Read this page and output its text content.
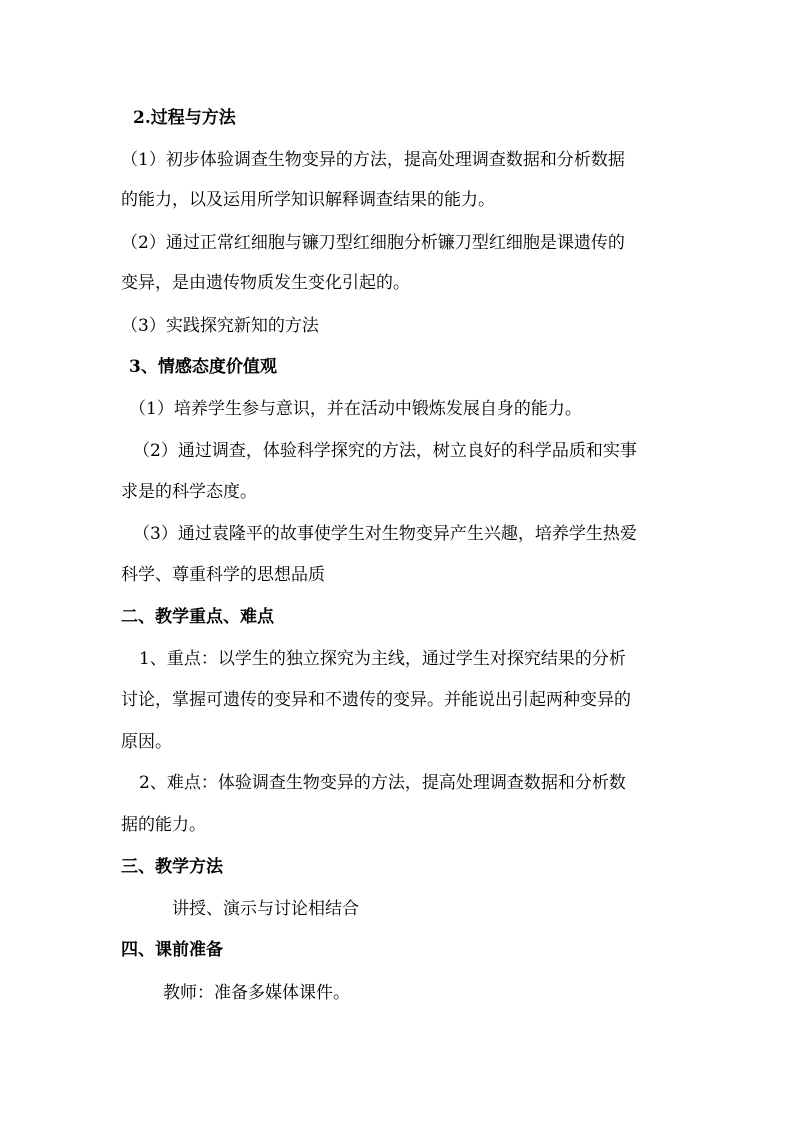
2.过程与方法
（1）初步体验调查生物变异的方法，提高处理调查数据和分析数据
的能力，以及运用所学知识解释调查结果的能力。
（2）通过正常红细胞与镰刀型红细胞分析镰刀型红细胞是课遗传的
变异，是由遗传物质发生变化引起的。
（3）实践探究新知的方法
3、情感态度价值观
（1）培养学生参与意识，并在活动中锻炼发展自身的能力。
（2）通过调查，体验科学探究的方法，树立良好的科学品质和实事
求是的科学态度。
（3）通过袁隆平的故事使学生对生物变异产生兴趣，培养学生热爱
科学、尊重科学的思想品质
二、教学重点、难点
1、重点：以学生的独立探究为主线，通过学生对探究结果的分析
讨论，掌握可遗传的变异和不遗传的变异。并能说出引起两种变异的
原因。
2、难点：体验调查生物变异的方法，提高处理调查数据和分析数
据的能力。
三、教学方法
讲授、演示与讨论相结合
四、课前准备
教师：准备多媒体课件。
